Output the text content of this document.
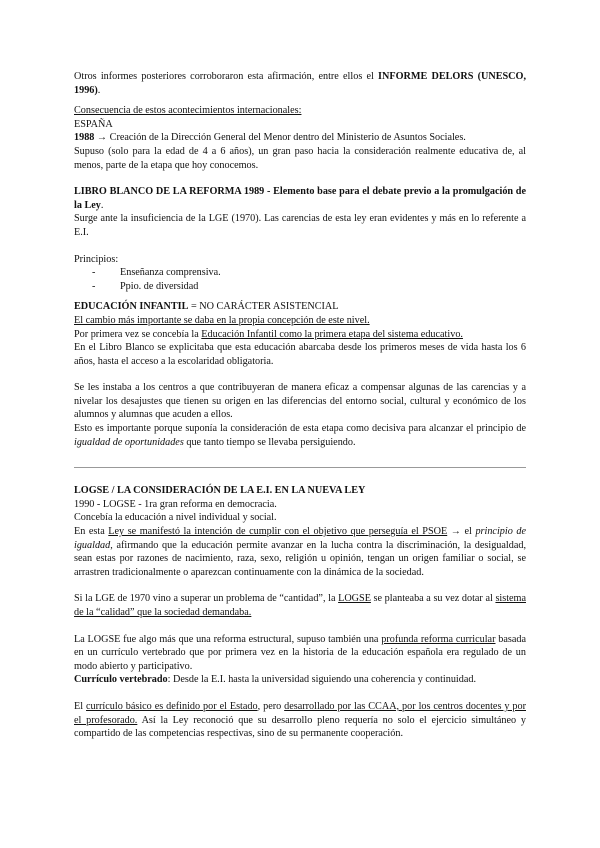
Otros informes posteriores corroboraron esta afirmación, entre ellos el INFORME DELORS (UNESCO, 1996).

Consecuencia de estos acontecimientos internacionales:

ESPAÑA

1988 → Creación de la Dirección General del Menor dentro del Ministerio de Asuntos Sociales.

Supuso (solo para la edad de 4 a 6 años), un gran paso hacia la consideración realmente educativa de, al menos, parte de la etapa que hoy conocemos.

LIBRO BLANCO DE LA REFORMA 1989 - Elemento base para el debate previo a la promulgación de la Ley.

Surge ante la insuficiencia de la LGE (1970). Las carencias de esta ley eran evidentes y más en lo referente a E.I.

Principios:

- Enseñanza comprensiva.
- Ppio. de diversidad

EDUCACIÓN INFANTIL = NO CARÁCTER ASISTENCIAL

El cambio más importante se daba en la propia concepción de este nivel.

Por primera vez se concebía la Educación Infantil como la primera etapa del sistema educativo.

En el Libro Blanco se explicitaba que esta educación abarcaba desde los primeros meses de vida hasta los 6 años, hasta el acceso a la escolaridad obligatoria.

Se les instaba a los centros a que contribuyeran de manera eficaz a compensar algunas de las carencias y a nivelar los desajustes que tienen su origen en las diferencias del entorno social, cultural y económico de los alumnos y alumnas que acuden a ellos.

Esto es importante porque suponía la consideración de esta etapa como decisiva para alcanzar el principio de igualdad de oportunidades que tanto tiempo se llevaba persiguiendo.

LOGSE / LA CONSIDERACIÓN DE LA E.I. EN LA NUEVA LEY

1990 - LOGSE - 1ra gran reforma en democracia.

Concebía la educación a nivel individual y social.

En esta Ley se manifestó la intención de cumplir con el objetivo que perseguía el PSOE → el principio de igualdad, afirmando que la educación permite avanzar en la lucha contra la discriminación, la desigualdad, sean estas por razones de nacimiento, raza, sexo, religión u opinión, tengan un origen familiar o social, se arrastren tradicionalmente o aparezcan continuamente con la dinámica de la sociedad.

Si la LGE de 1970 vino a superar un problema de “cantidad”, la LOGSE se planteaba a su vez dotar al sistema de la “calidad” que la sociedad demandaba.

La LOGSE fue algo más que una reforma estructural, supuso también una profunda reforma curricular basada en un currículo vertebrado que por primera vez en la historia de la educación española era regulado de un modo abierto y participativo.

Currículo vertebrado: Desde la E.I. hasta la universidad siguiendo una coherencia y continuidad.

El currículo básico es definido por el Estado, pero desarrollado por las CCAA, por los centros docentes y por el profesorado. Así la Ley reconoció que su desarrollo pleno requería no solo el ejercicio simultáneo y compartido de las competencias respectivas, sino de su permanente cooperación.
